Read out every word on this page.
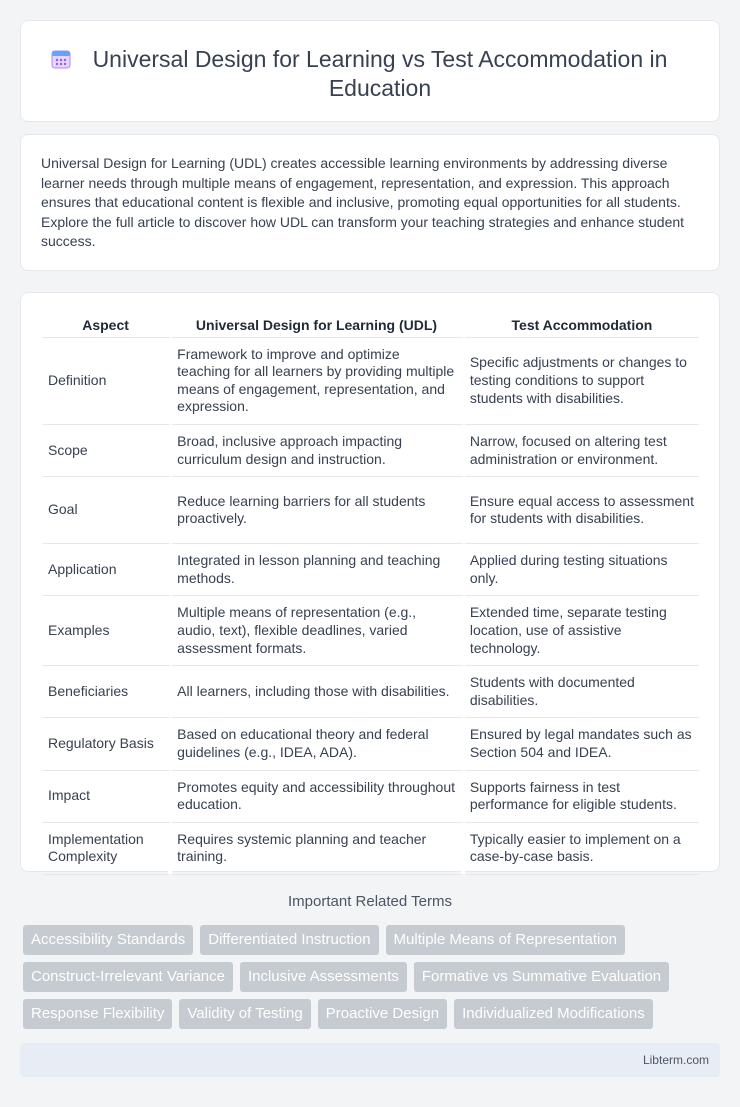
Universal Design for Learning vs Test Accommodation in Education

Universal Design for Learning (UDL) creates accessible learning environments by addressing diverse learner needs through multiple means of engagement, representation, and expression. This approach ensures that educational content is flexible and inclusive, promoting equal opportunities for all students. Explore the full article to discover how UDL can transform your teaching strategies and enhance student success.

Aspect	Universal Design for Learning (UDL)	Test Accommodation
Definition	Framework to improve and optimize teaching for all learners by providing multiple means of engagement, representation, and expression.	Specific adjustments or changes to testing conditions to support students with disabilities.
Scope	Broad, inclusive approach impacting curriculum design and instruction.	Narrow, focused on altering test administration or environment.
Goal	Reduce learning barriers for all students proactively.	Ensure equal access to assessment for students with disabilities.
Application	Integrated in lesson planning and teaching methods.	Applied during testing situations only.
Examples	Multiple means of representation (e.g., audio, text), flexible deadlines, varied assessment formats.	Extended time, separate testing location, use of assistive technology.
Beneficiaries	All learners, including those with disabilities.	Students with documented disabilities.
Regulatory Basis	Based on educational theory and federal guidelines (e.g., IDEA, ADA).	Ensured by legal mandates such as Section 504 and IDEA.
Impact	Promotes equity and accessibility throughout education.	Supports fairness in test performance for eligible students.
Implementation Complexity	Requires systemic planning and teacher training.	Typically easier to implement on a case-by-case basis.
Important Related Terms
Accessibility Standards	Differentiated Instruction	Multiple Means of Representation
Construct-Irrelevant Variance	Inclusive Assessments	Formative vs Summative Evaluation
Response Flexibility	Validity of Testing	Proactive Design	Individualized Modifications
Libterm.com
